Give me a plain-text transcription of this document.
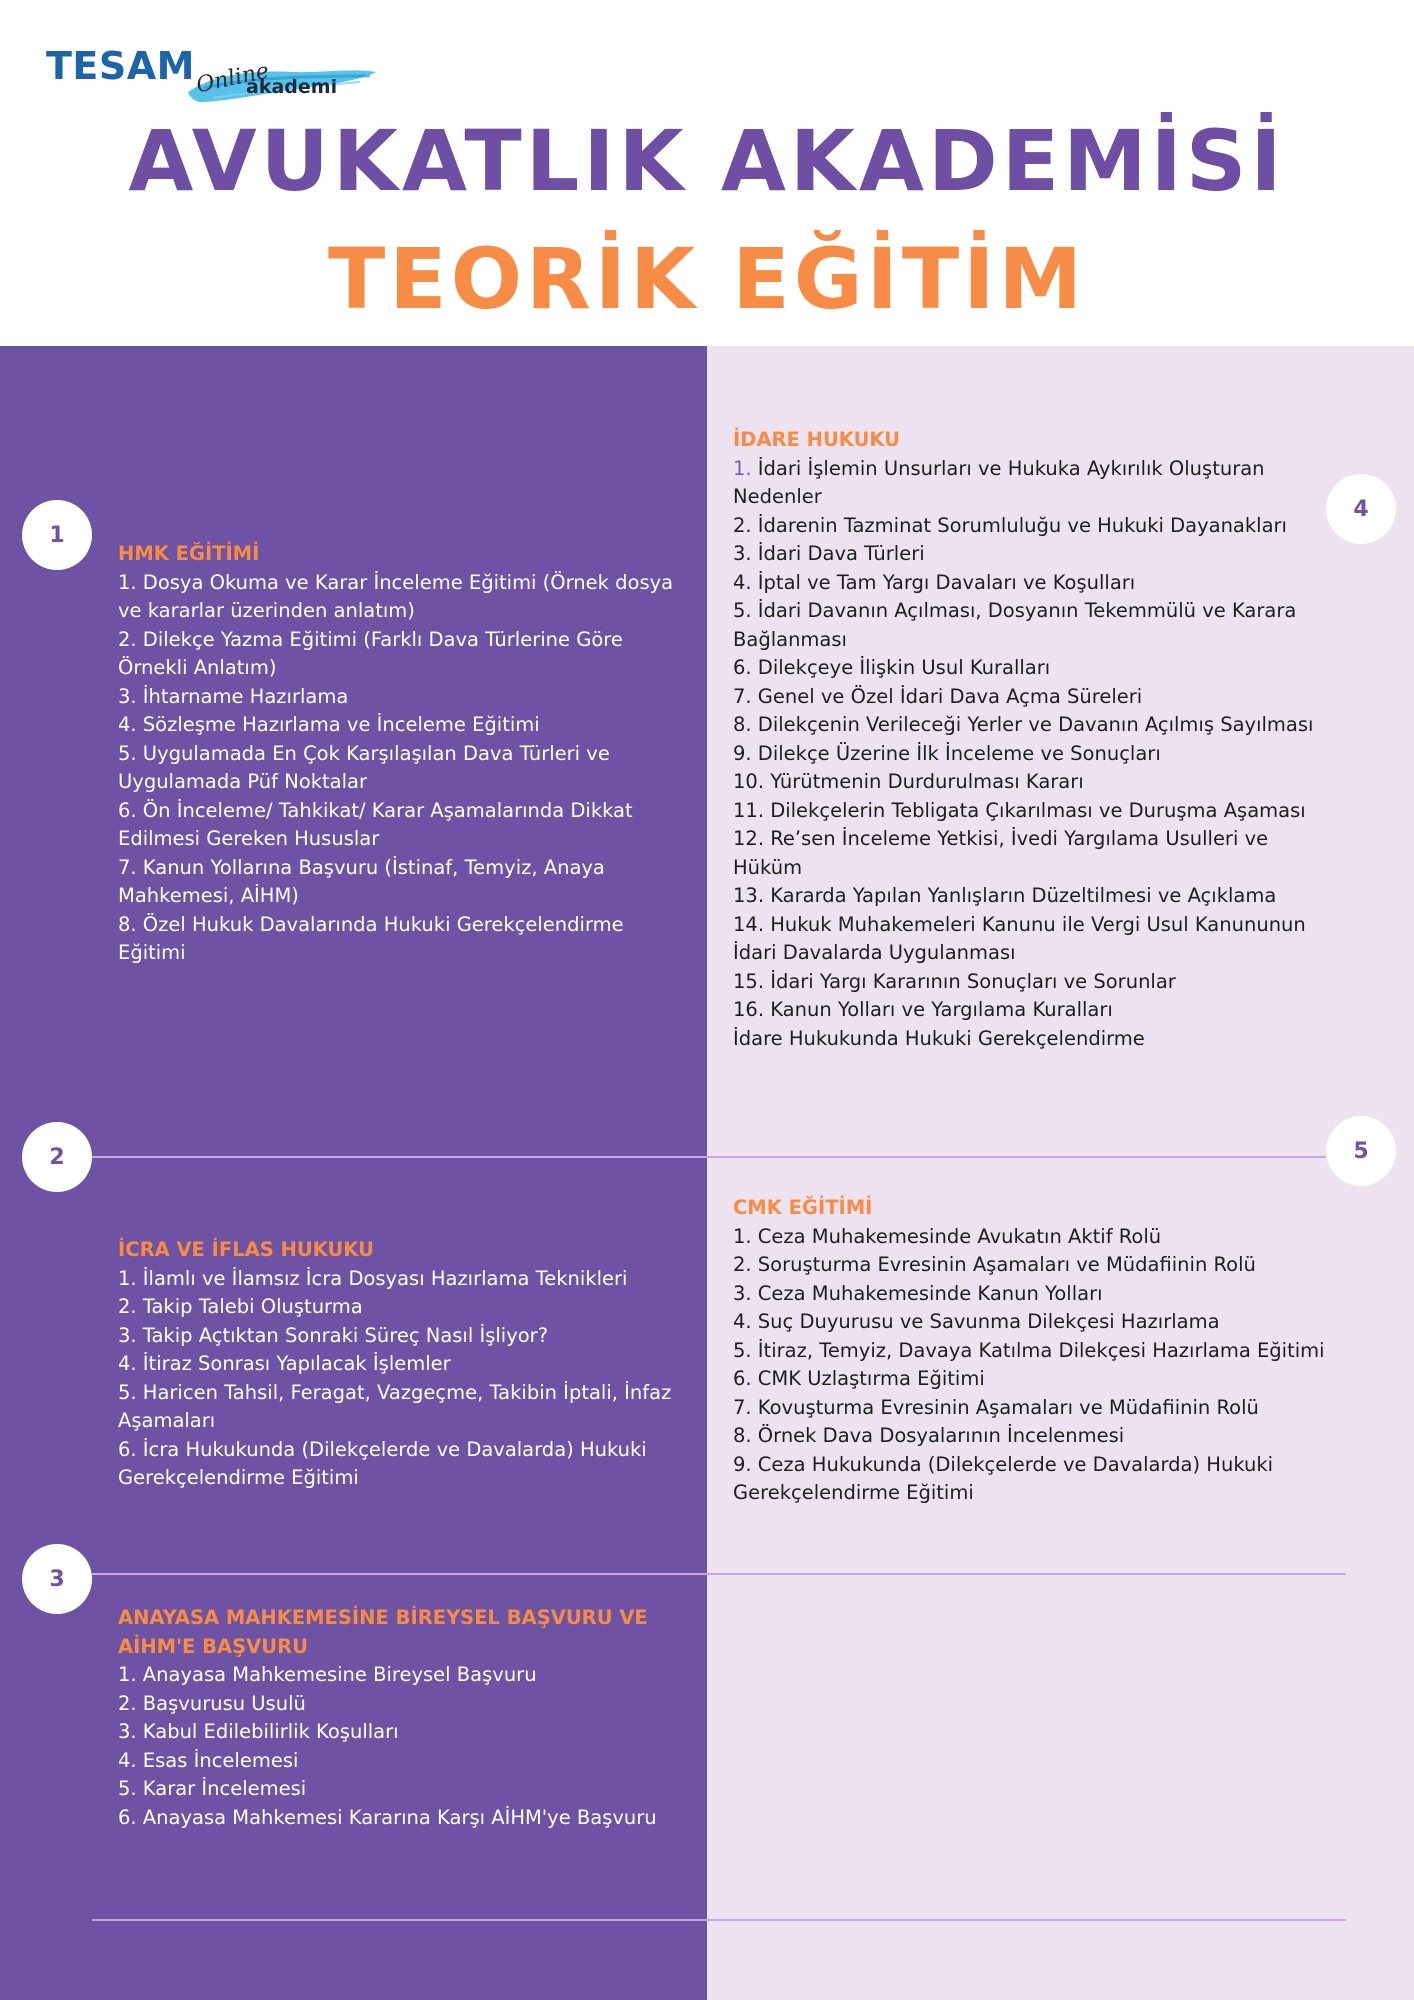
TESAM Online
akademi
AVUKATLIK AKADEMİSİ
TEORİK EĞİTİM
1
2
3
4
5
HMK EĞİTİMİ
1. Dosya Okuma ve Karar İnceleme Eğitimi (Örnek dosya ve kararlar üzerinden anlatım)
2. Dilekçe Yazma Eğitimi (Farklı Dava Türlerine Göre Örnekli Anlatım)
3. İhtarname Hazırlama
4. Sözleşme Hazırlama ve İnceleme Eğitimi
5. Uygulamada En Çok Karşılaşılan Dava Türleri ve Uygulamada Püf Noktalar
6. Ön İnceleme/ Tahkikat/ Karar Aşamalarında Dikkat Edilmesi Gereken Hususlar
7. Kanun Yollarına Başvuru (İstinaf, Temyiz, Anaya Mahkemesi, AİHM)
8. Özel Hukuk Davalarında Hukuki Gerekçelendirme Eğitimi
İCRA VE İFLAS HUKUKU
1. İlamlı ve İlamsız İcra Dosyası Hazırlama Teknikleri
2. Takip Talebi Oluşturma
3. Takip Açtıktan Sonraki Süreç Nasıl İşliyor?
4. İtiraz Sonrası Yapılacak İşlemler
5. Haricen Tahsil, Feragat, Vazgeçme, Takibin İptali, İnfaz Aşamaları
6. İcra Hukukunda (Dilekçelerde ve Davalarda) Hukuki Gerekçelendirme Eğitimi
ANAYASA MAHKEMESİNE BİREYSEL BAŞVURU VE AİHM'E BAŞVURU
1. Anayasa Mahkemesine Bireysel Başvuru
2. Başvurusu Usulü
3. Kabul Edilebilirlik Koşulları
4. Esas İncelemesi
5. Karar İncelemesi
6. Anayasa Mahkemesi Kararına Karşı AİHM'ye Başvuru
İDARE HUKUKU
1. İdari İşlemin Unsurları ve Hukuka Aykırılık Oluşturan Nedenler
2. İdarenin Tazminat Sorumluluğu ve Hukuki Dayanakları
3. İdari Dava Türleri
4. İptal ve Tam Yargı Davaları ve Koşulları
5. İdari Davanın Açılması, Dosyanın Tekemmülü ve Karara Bağlanması
6. Dilekçeye İlişkin Usul Kuralları
7. Genel ve Özel İdari Dava Açma Süreleri
8. Dilekçenin Verileceği Yerler ve Davanın Açılmış Sayılması
9. Dilekçe Üzerine İlk İnceleme ve Sonuçları
10. Yürütmenin Durdurulması Kararı
11. Dilekçelerin Tebligata Çıkarılması ve Duruşma Aşaması
12. Re’sen İnceleme Yetkisi, İvedi Yargılama Usulleri ve Hüküm
13. Kararda Yapılan Yanlışların Düzeltilmesi ve Açıklama
14. Hukuk Muhakemeleri Kanunu ile Vergi Usul Kanununun İdari Davalarda Uygulanması
15. İdari Yargı Kararının Sonuçları ve Sorunlar
16. Kanun Yolları ve Yargılama Kuralları
İdare Hukukunda Hukuki Gerekçelendirme
CMK EĞİTİMİ
1. Ceza Muhakemesinde Avukatın Aktif Rolü
2. Soruşturma Evresinin Aşamaları ve Müdafiinin Rolü
3. Ceza Muhakemesinde Kanun Yolları
4. Suç Duyurusu ve Savunma Dilekçesi Hazırlama
5. İtiraz, Temyiz, Davaya Katılma Dilekçesi Hazırlama Eğitimi
6. CMK Uzlaştırma Eğitimi
7. Kovuşturma Evresinin Aşamaları ve Müdafiinin Rolü
8. Örnek Dava Dosyalarının İncelenmesi
9. Ceza Hukukunda (Dilekçelerde ve Davalarda) Hukuki Gerekçelendirme Eğitimi
